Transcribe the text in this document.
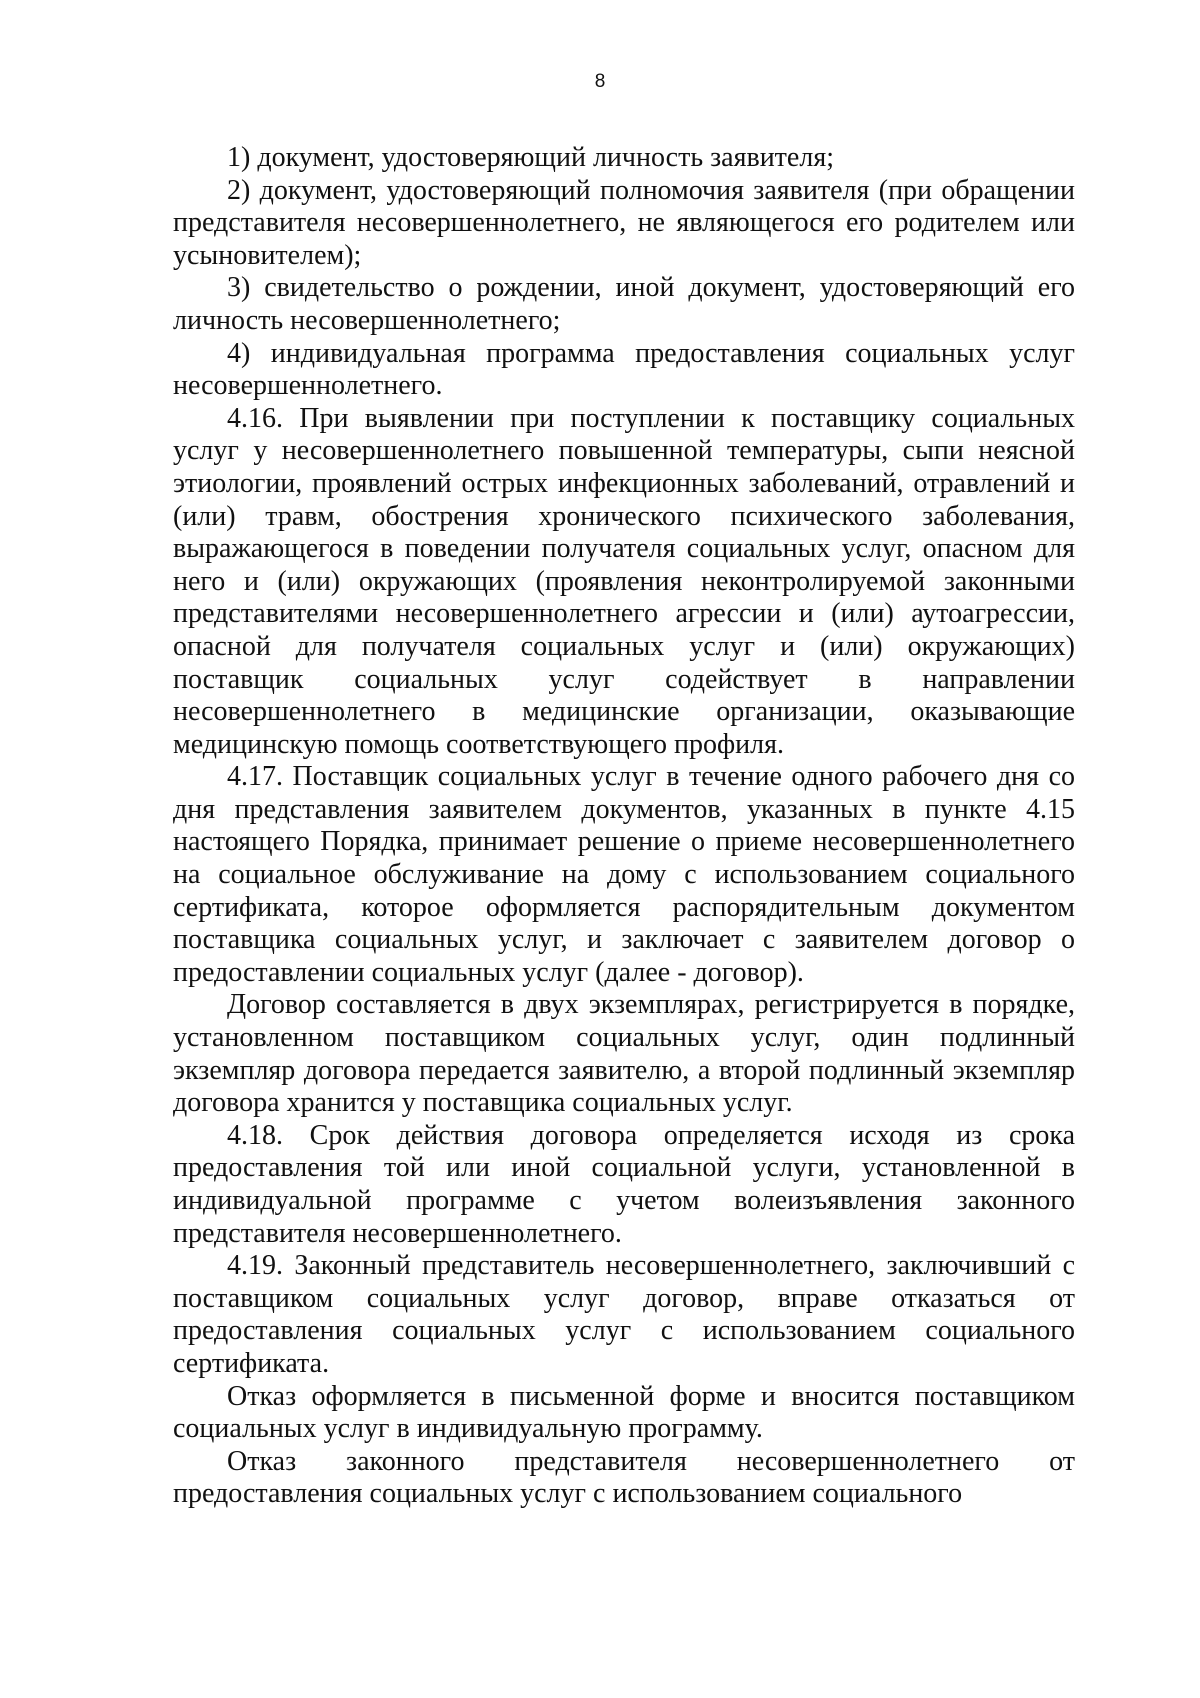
8

1) документ, удостоверяющий личность заявителя;

2) документ, удостоверяющий полномочия заявителя (при обращении представителя несовершеннолетнего, не являющегося его родителем или усыновителем);

3) свидетельство о рождении, иной документ, удостоверяющий его личность несовершеннолетнего;

4) индивидуальная программа предоставления социальных услуг несовершеннолетнего.

4.16. При выявлении при поступлении к поставщику социальных услуг у несовершеннолетнего повышенной температуры, сыпи неясной этиологии, проявлений острых инфекционных заболеваний, отравлений и (или) травм, обострения хронического психического заболевания, выражающегося в поведении получателя социальных услуг, опасном для него и (или) окружающих (проявления неконтролируемой законными представителями несовершеннолетнего агрессии и (или) аутоагрессии, опасной для получателя социальных услуг и (или) окружающих) поставщик социальных услуг содействует в направлении несовершеннолетнего в медицинские организации, оказывающие медицинскую помощь соответствующего профиля.

4.17. Поставщик социальных услуг в течение одного рабочего дня со дня представления заявителем документов, указанных в пункте 4.15 настоящего Порядка, принимает решение о приеме несовершеннолетнего на социальное обслуживание на дому с использованием социального сертификата, которое оформляется распорядительным документом поставщика социальных услуг, и заключает с заявителем договор о предоставлении социальных услуг (далее - договор).

Договор составляется в двух экземплярах, регистрируется в порядке, установленном поставщиком социальных услуг, один подлинный экземпляр договора передается заявителю, а второй подлинный экземпляр договора хранится у поставщика социальных услуг.

4.18. Срок действия договора определяется исходя из срока предоставления той или иной социальной услуги, установленной в индивидуальной программе с учетом волеизъявления законного представителя несовершеннолетнего.

4.19. Законный представитель несовершеннолетнего, заключивший с поставщиком социальных услуг договор, вправе отказаться от предоставления социальных услуг с использованием социального сертификата.

Отказ оформляется в письменной форме и вносится поставщиком социальных услуг в индивидуальную программу.

Отказ законного представителя несовершеннолетнего от предоставления социальных услуг с использованием социального
